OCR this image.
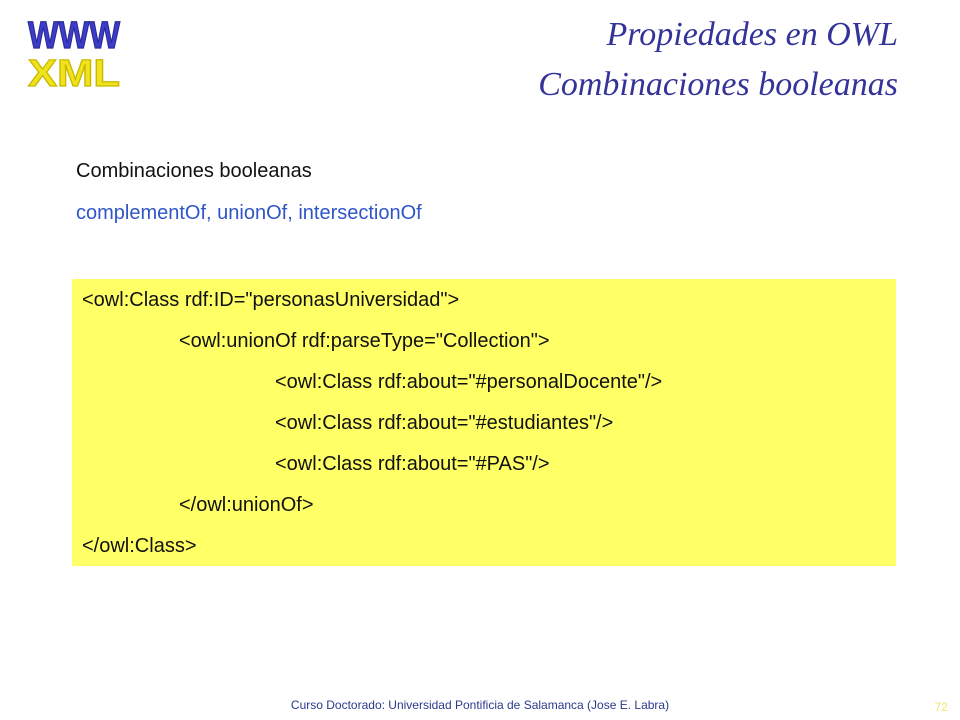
WWW
XML
Propiedades en OWL
Combinaciones booleanas
Combinaciones booleanas
complementOf, unionOf, intersectionOf
<owl:Class rdf:ID="personasUniversidad">
<owl:unionOf rdf:parseType="Collection">
<owl:Class rdf:about="#personalDocente"/>
<owl:Class rdf:about="#estudiantes"/>
<owl:Class rdf:about="#PAS"/>
</owl:unionOf>
</owl:Class>
Curso Doctorado: Universidad Pontificia de Salamanca (Jose E. Labra)	72
